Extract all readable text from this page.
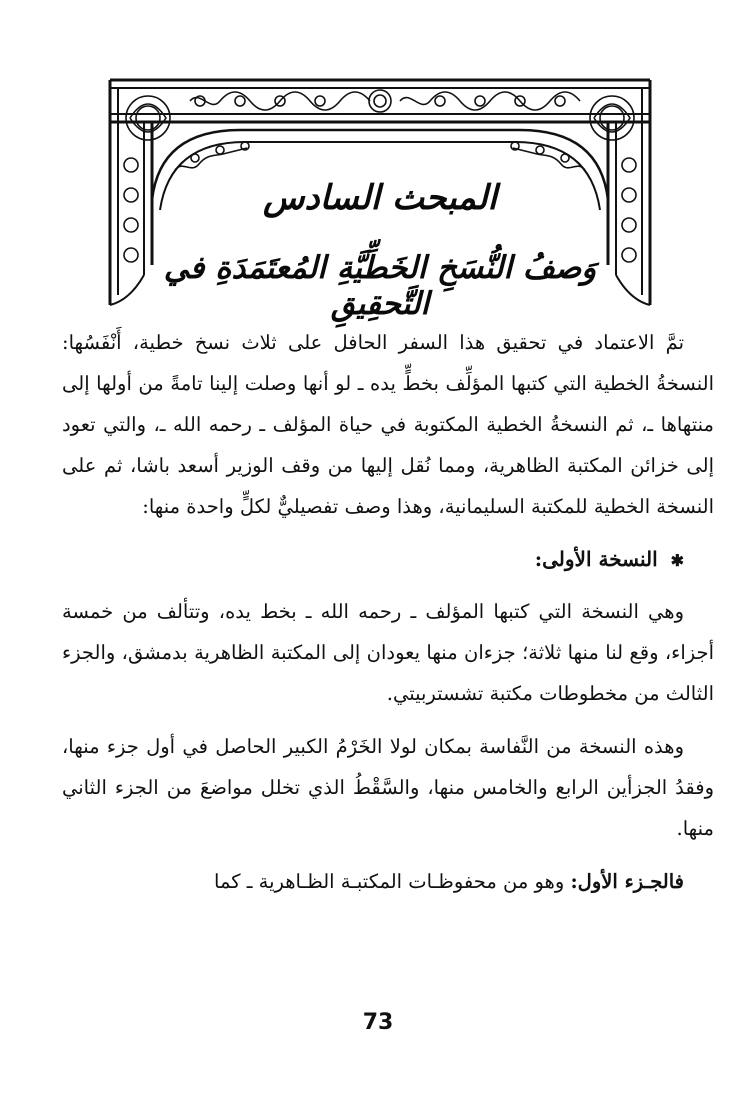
المبحث السادس
وَصفُ النُّسَخِ الخَطِّيَّةِ المُعتَمَدَةِ في التَّحقِيقِ

تمَّ الاعتماد في تحقيق هذا السفر الحافل على ثلاث نسخ خطية، أَنْفَسُها: النسخةُ الخطية التي كتبها المؤلِّف بخطٍّ يده ـ لو أنها وصلت إلينا تامةً من أولها إلى منتهاها ـ، ثم النسخةُ الخطية المكتوبة في حياة المؤلف ـ رحمه الله ـ، والتي تعود إلى خزائن المكتبة الظاهرية، ومما نُقل إليها من وقف الوزير أسعد باشا، ثم على النسخة الخطية للمكتبة السليمانية، وهذا وصف تفصيليٌّ لكلٍّ واحدة منها:

✱ النسخة الأولى:

وهي النسخة التي كتبها المؤلف ـ رحمه الله ـ بخط يده، وتتألف من خمسة أجزاء، وقع لنا منها ثلاثة؛ جزءان منها يعودان إلى المكتبة الظاهرية بدمشق، والجزء الثالث من مخطوطات مكتبة تشستربيتي.

وهذه النسخة من النَّفاسة بمكان لولا الخَرْمُ الكبير الحاصل في أول جزء منها، وفقدُ الجزأين الرابع والخامس منها، والسَّقْطُ الذي تخلل مواضعَ من الجزء الثاني منها.

فالجـزء الأول: وهو من محفوظـات المكتبـة الظـاهرية ـ كما

73
